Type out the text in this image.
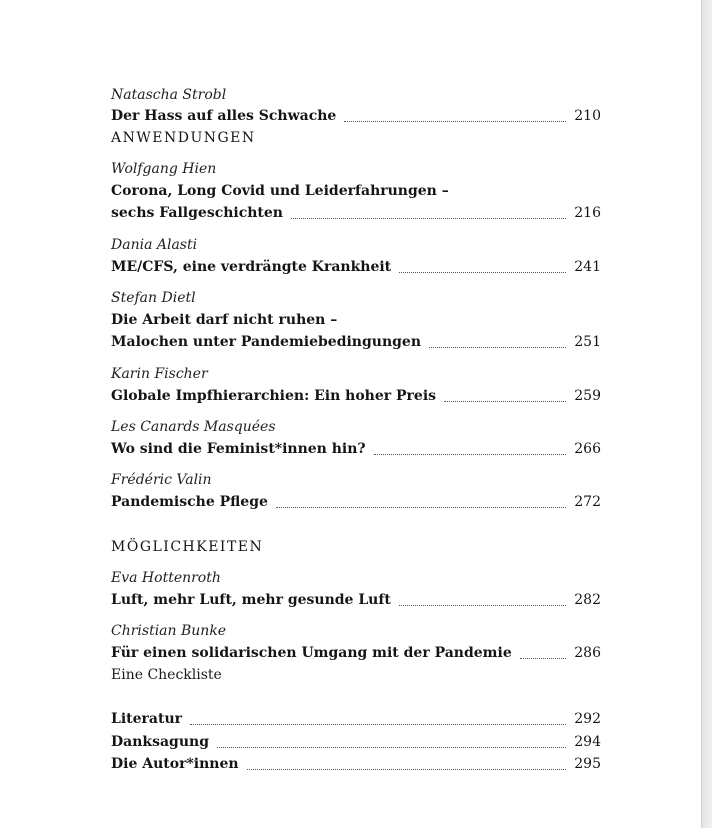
Natascha Strobl
Der Hass auf alles Schwache	210
ANWENDUNGEN
Wolfgang Hien
Corona, Long Covid und Leiderfahrungen –
sechs Fallgeschichten	216
Dania Alasti
ME/CFS, eine verdrängte Krankheit	241
Stefan Dietl
Die Arbeit darf nicht ruhen –
Malochen unter Pandemiebedingungen	251
Karin Fischer
Globale Impfhierarchien: Ein hoher Preis	259
Les Canards Masquées
Wo sind die Feminist*innen hin?	266
Frédéric Valin
Pandemische Pflege	272
MÖGLICHKEITEN
Eva Hottenroth
Luft, mehr Luft, mehr gesunde Luft	282
Christian Bunke
Für einen solidarischen Umgang mit der Pandemie	286
Eine Checkliste
Literatur	292
Danksagung	294
Die Autor*innen	295
